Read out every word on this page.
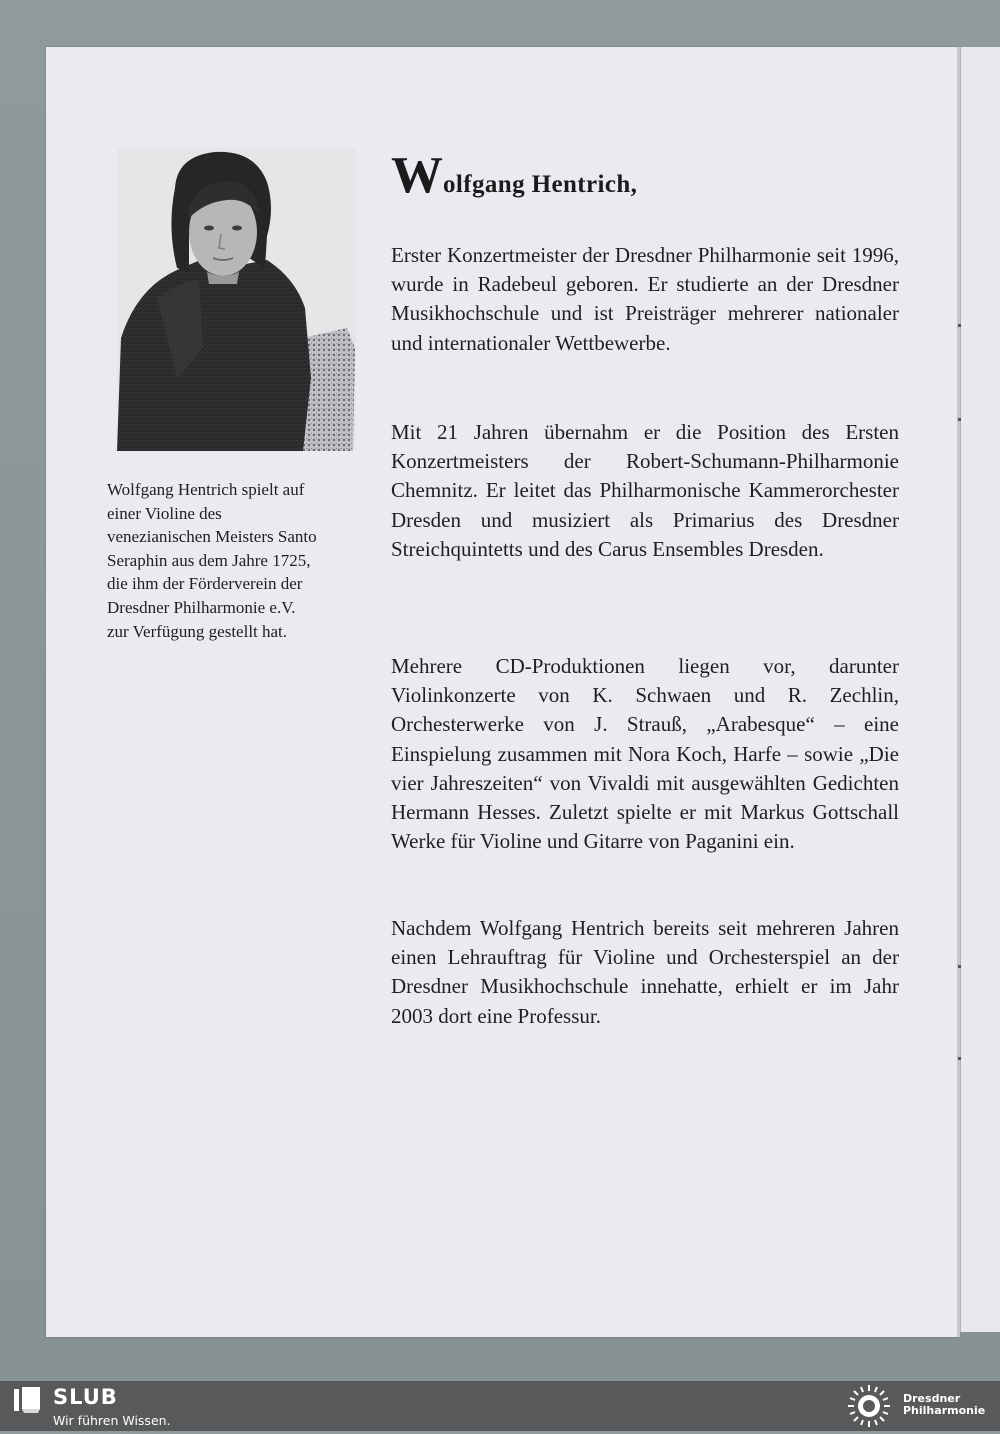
Wolfgang Hentrich spielt auf
einer Violine des
venezianischen Meisters Santo
Seraphin aus dem Jahre 1725,
die ihm der Förderverein der
Dresdner Philharmonie e.V.
zur Verfügung gestellt hat.
Wolfgang Hentrich,
Erster Konzertmeister der Dresdner Philharmonie seit 1996, wurde in Radebeul geboren. Er studierte an der Dresdner Musikhochschule und ist Preisträger mehrerer nationaler und internationaler Wettbewerbe.
Mit 21 Jahren übernahm er die Position des Ersten Konzertmeisters der Robert-Schumann-Philharmonie Chemnitz. Er leitet das Philharmonische Kammerorchester Dresden und musiziert als Primarius des Dresdner Streichquintetts und des Carus Ensembles Dresden.
Mehrere CD-Produktionen liegen vor, darunter Violinkonzerte von K. Schwaen und R. Zechlin, Orchesterwerke von J. Strauß, „Arabesque“ – eine Einspielung zusammen mit Nora Koch, Harfe – sowie „Die vier Jahreszeiten“ von Vivaldi mit ausgewählten Gedichten Hermann Hesses. Zuletzt spielte er mit Markus Gottschall Werke für Violine und Gitarre von Paganini ein.
Nachdem Wolfgang Hentrich bereits seit mehreren Jahren einen Lehrauftrag für Violine und Orchesterspiel an der Dresdner Musikhochschule innehatte, erhielt er im Jahr 2003 dort eine Professur.
SLUB
Wir führen Wissen.
Dresdner
Philharmonie
